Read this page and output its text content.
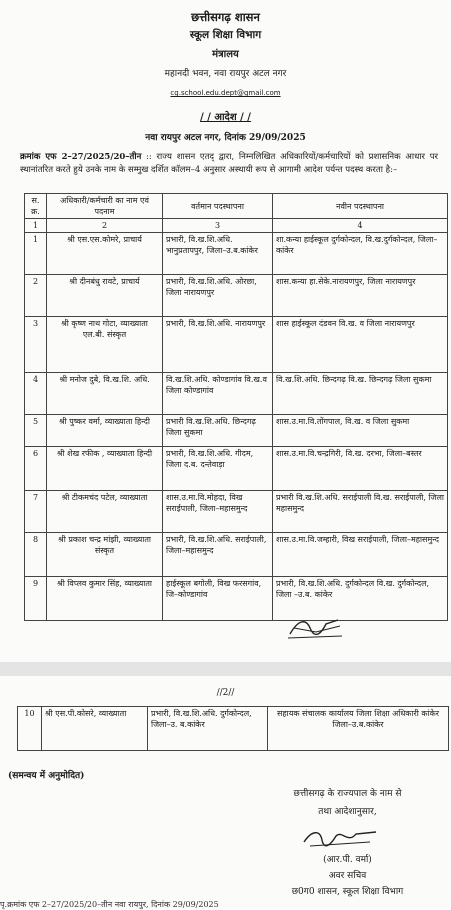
छत्तीसगढ़ शासन
स्कूल शिक्षा विभाग
मंत्रालय
महानदी भवन, नवा रायपुर अटल नगर
cg.school.edu.dept@gmail.com
/ / आदेश / /
नवा रायपुर अटल नगर, दिनांक 29/09/2025
क्रमांक एफ 2–27/2025/20–तीन :: राज्य शासन एतद् द्वारा, निम्नलिखित अधिकारियों/कर्मचारियों को प्रशासनिक आधार पर स्थानांतरित करते हुये उनके नाम के सम्मुख दर्शित कॉलम–4 अनुसार अस्थायी रूप से आगामी आदेश पर्यन्त पदस्थ करता है:–
स. क्र.	अधिकारी/कर्मचारी का नाम एवं पदनाम	वर्तमान पदस्थापना	नवीन पदस्थापना
1	2	3	4
1	श्री एस.एस.कोमरे, प्राचार्य	प्रभारी, वि.ख.शि.अधि. भानुप्रतापपुर, जिला–उ.ब.कांकेर	शा.कन्या हाईस्कूल दुर्गकोन्दल, वि.ख.दुर्गकोन्दल, जिला–कांकेर
2	श्री दीनबंधु रावटे, प्राचार्य	प्रभारी, वि.ख.शि.अधि. ओरछा, जिला नारायणपुर	शास.कन्या हा.सेके.नारायणपुर, जिला नारायणपुर
3	श्री कृष्ण नाथ गोटा, व्याख्याता एल.बी. संस्कृत	प्रभारी, वि.ख.शि.अधि. नारायणपुर	शास हाईस्कूल दंडवन वि.ख. व जिला नारायणपुर
4	श्री मनोज दुबे, वि.ख.शि. अधि.	वि.ख.शि.अधि. कोण्डागांव वि.ख.व जिला कोण्डागांव	वि.ख.शि.अधि. छिन्दगढ़ वि.ख. छिन्दगढ़ जिला सुकमा
5	श्री पुष्कर वर्मा, व्याख्याता हिन्दी	प्रभारी वि.ख.शि.अधि. छिन्दगढ़ जिला सुकमा	शास.उ.मा.वि.तोंगपाल, वि.ख. व जिला सुकमा
6	श्री शेख रफीक , व्याख्याता हिन्दी	प्रभारी, वि.ख.शि.अधि. गीदम, जिला द.ब. दन्तेवाड़ा	शास.उ.मा.वि.चन्द्रगिरी, वि.ख. दरभा, जिला–बस्तर
7	श्री टीकमचंद पटेल, व्याख्याता	शास.उ.मा.वि.मोहदा, विख सराईपाली, जिला–महासमुन्द	प्रभारी वि.ख.शि.अधि. सराईपाली वि.ख. सराईपाली, जिला महासमुन्द
8	श्री प्रकाश चन्द्र मांझी, व्याख्याता संस्कृत	प्रभारी, वि.ख.शि.अधि. सराईपाली, जिला–महासमुन्द	शास.उ.मा.वि.जम्हारी, विख सराईपाली, जिला–महासमुन्द
9	श्री विप्लव कुमार सिंह, व्याख्याता	हाईस्कूल बगोली, विख फरसगांव, जि–कोण्डागांव	प्रभारी, वि.ख.शि.अधि. दुर्गकोन्दल वि.ख. दुर्गकोन्दल, जिला –उ.ब. कांकेर
//2//
10	श्री एस.पी.कोसरे, व्याख्याता	प्रभारी, वि.ख.शि.अधि. दुर्गकोन्दल, जिला–उ. ब.कांकेर	सहायक संचालक कार्यालय जिला शिक्षा अधिकारी कांकेर जिला–उ.ब.कांकेर
(समन्वय में अनुमोदित)
छत्तीसगढ़ के राज्यपाल के नाम से
तथा आदेशानुसार,
(आर.पी. वर्मा)
अवर सचिव
छ0ग0 शासन, स्कूल शिक्षा विभाग
पृ.क्रमांक एफ 2–27/2025/20–तीन नवा रायपुर, दिनांक 29/09/2025
